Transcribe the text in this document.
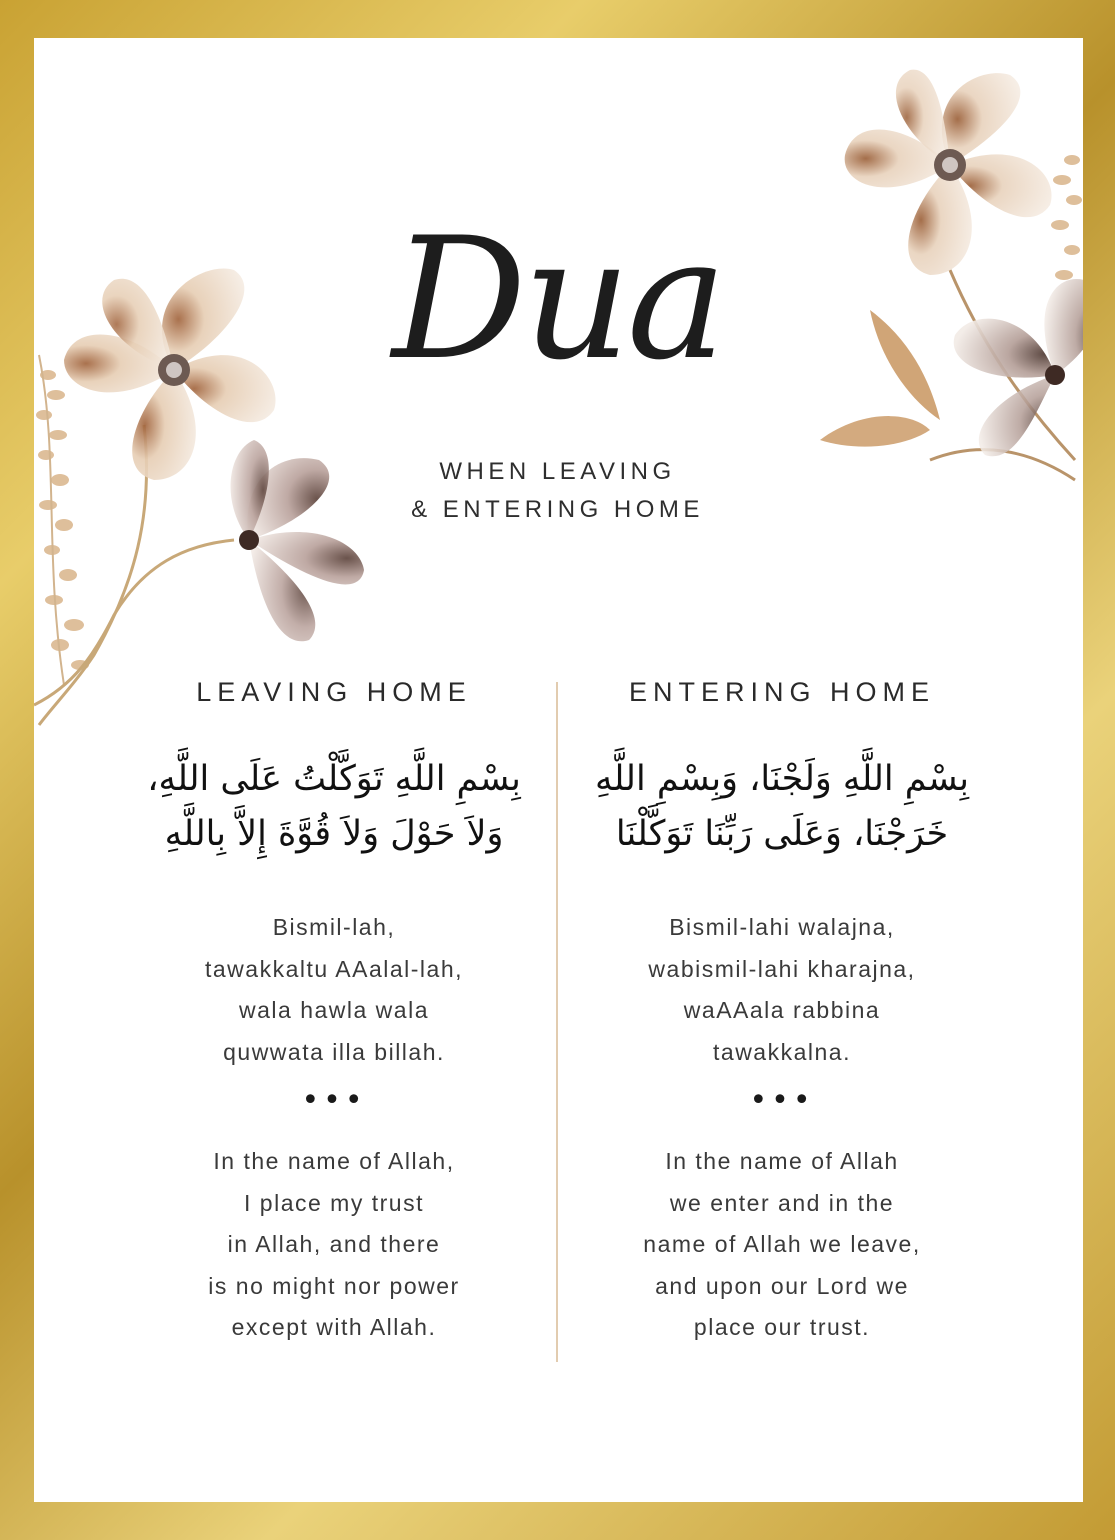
Dua
WHEN LEAVING
& ENTERING HOME
LEAVING HOME
بِسْمِ اللَّهِ تَوَكَّلْتُ عَلَى اللَّهِ،
وَلاَ حَوْلَ وَلاَ قُوَّةَ إِلاَّ بِاللَّهِ
Bismil-lah,
tawakkaltu AAalal-lah,
wala hawla wala
quwwata illa billah.
•••
In the name of Allah,
I place my trust
in Allah, and there
is no might nor power
except with Allah.
ENTERING HOME
بِسْمِ اللَّهِ وَلَجْنَا، وَبِسْمِ اللَّهِ
خَرَجْنَا، وَعَلَى رَبِّنَا تَوَكَّلْنَا
Bismil-lahi walajna,
wabismil-lahi kharajna,
waAAala rabbina
tawakkalna.
•••
In the name of Allah
we enter and in the
name of Allah we leave,
and upon our Lord we
place our trust.
